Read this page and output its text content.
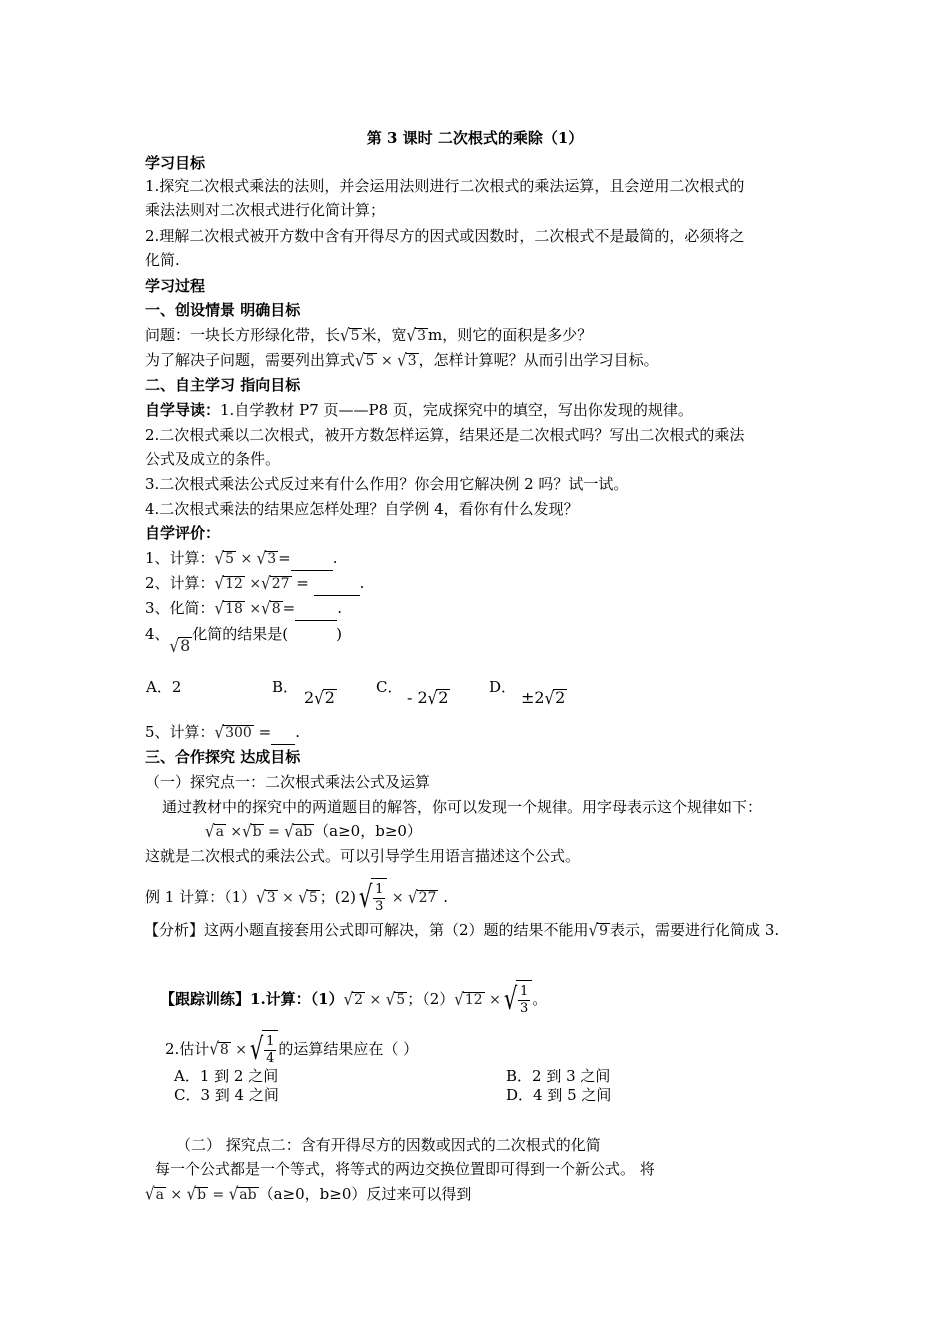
第 3 课时 二次根式的乘除（1）
学习目标
1.探究二次根式乘法的法则，并会运用法则进行二次根式的乘法运算，且会逆用二次根式的
乘法法则对二次根式进行化简计算；
2.理解二次根式被开方数中含有开得尽方的因式或因数时，二次根式不是最简的，必须将之
化简.
学习过程
一、创设情景 明确目标
问题：一块长方形绿化带，长√5 米，宽√3 m，则它的面积是多少？
为了解决子问题，需要列出算式√5 × √3 ，怎样计算呢？从而引出学习目标。
二、自主学习 指向目标
自学导读：1.自学教材 P7 页——P8 页，完成探究中的填空，写出你发现的规律。
2.二次根式乘以二次根式，被开方数怎样运算，结果还是二次根式吗？写出二次根式的乘法
公式及成立的条件。
3.二次根式乘法公式反过来有什么作用？你会用它解决例 2 吗？试一试。
4.二次根式乘法的结果应怎样处理？自学例 4，看你有什么发现？
自学评价：
1、计算：√5 × √3 =	.
2、计算：√12 ×√27 =	.
3、化简：√18 ×√8 =	.
4、√8化简的结果是(	)
A．2	B．
2√2
C．
- 2√2
D．
±2√2
5、计算：√300 = .
三、合作探究 达成目标
（一）探究点一：二次根式乘法公式及运算
通过教材中的探究中的两道题目的解答，你可以发现一个规律。用字母表示这个规律如下：
√a ×√b = √ab （a≥0，b≥0）
这就是二次根式的乘法公式。可以引导学生用语言描述这个公式。
例 1 计算：（1）√3 × √5 ；(2) √ $\frac{1}{3} \times √27$ .
【分析】这两小题直接套用公式即可解决，第（2）题的结果不能用√9 表示，需要进行化简成 3.
【跟踪训练】1.计算：（1）√2 × √5 ；（2）√12 × √ $\frac{1}{3}$ 。
2.估计√8 × √ $\frac{1}{4}$ 的运算结果应在（ ）
A．1 到 2 之间	B．2 到 3 之间
C．3 到 4 之间	D．4 到 5 之间
（二） 探究点二：含有开得尽方的因数或因式的二次根式的化简
每一个公式都是一个等式，将等式的两边交换位置即可得到一个新公式。 将
√a × √b = √ab （a≥0，b≥0）反过来可以得到
